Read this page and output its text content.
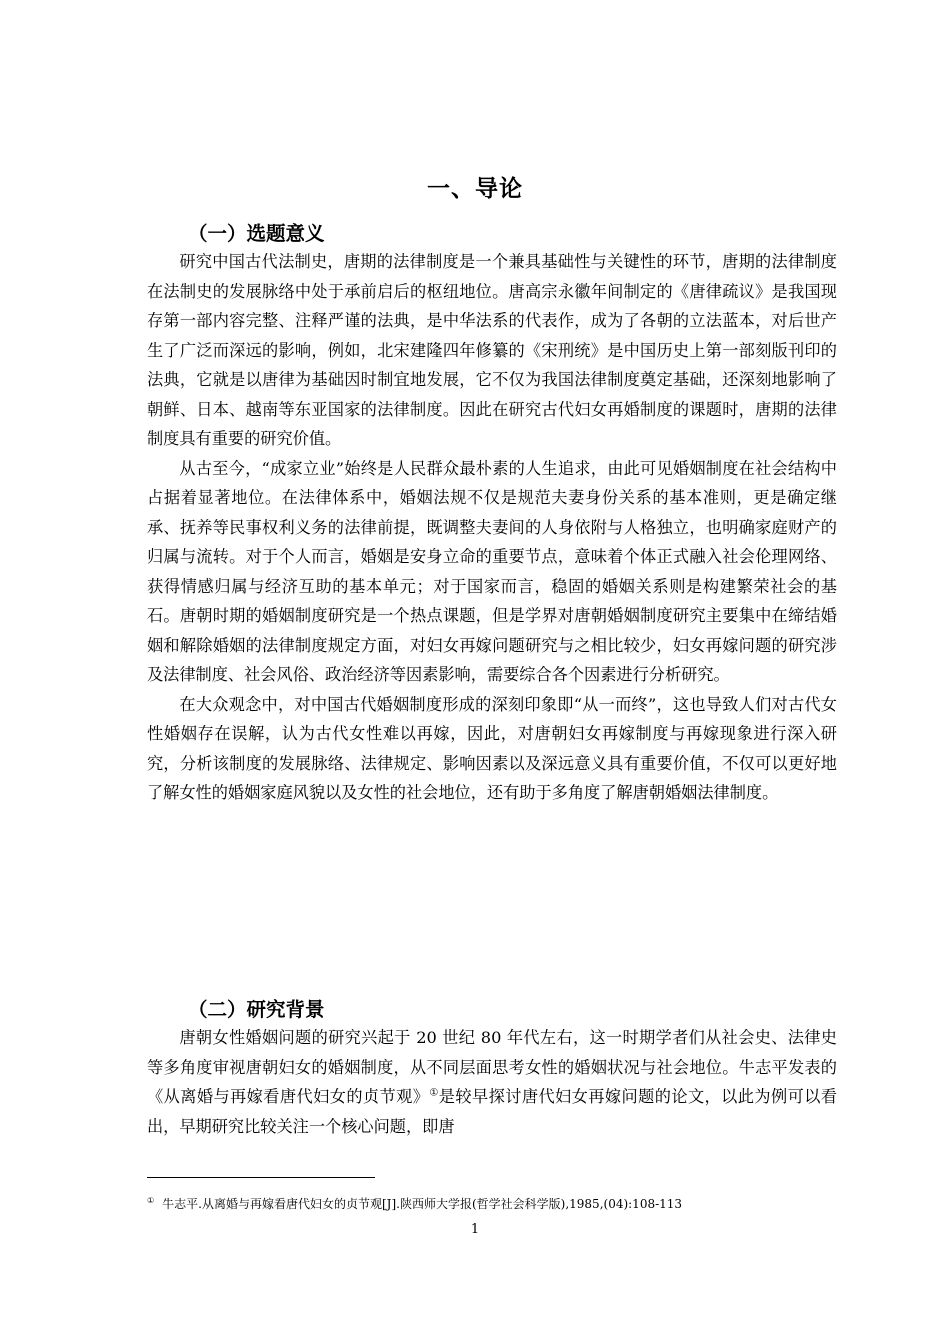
一、导论
（一）选题意义

研究中国古代法制史，唐期的法律制度是一个兼具基础性与关键性的环节，唐期的法律制度在法制史的发展脉络中处于承前启后的枢纽地位。唐高宗永徽年间制定的《唐律疏议》是我国现存第一部内容完整、注释严谨的法典，是中华法系的代表作，成为了各朝的立法蓝本，对后世产生了广泛而深远的影响，例如，北宋建隆四年修纂的《宋刑统》是中国历史上第一部刻版刊印的法典，它就是以唐律为基础因时制宜地发展，它不仅为我国法律制度奠定基础，还深刻地影响了朝鲜、日本、越南等东亚国家的法律制度。因此在研究古代妇女再婚制度的课题时，唐期的法律制度具有重要的研究价值。

从古至今，“成家立业”始终是人民群众最朴素的人生追求，由此可见婚姻制度在社会结构中占据着显著地位。在法律体系中，婚姻法规不仅是规范夫妻身份关系的基本准则，更是确定继承、抚养等民事权利义务的法律前提，既调整夫妻间的人身依附与人格独立，也明确家庭财产的归属与流转。对于个人而言，婚姻是安身立命的重要节点，意味着个体正式融入社会伦理网络、获得情感归属与经济互助的基本单元；对于国家而言，稳固的婚姻关系则是构建繁荣社会的基石。唐朝时期的婚姻制度研究是一个热点课题，但是学界对唐朝婚姻制度研究主要集中在缔结婚姻和解除婚姻的法律制度规定方面，对妇女再嫁问题研究与之相比较少，妇女再嫁问题的研究涉及法律制度、社会风俗、政治经济等因素影响，需要综合各个因素进行分析研究。

在大众观念中，对中国古代婚姻制度形成的深刻印象即“从一而终”，这也导致人们对古代女性婚姻存在误解，认为古代女性难以再嫁，因此，对唐朝妇女再嫁制度与再嫁现象进行深入研究，分析该制度的发展脉络、法律规定、影响因素以及深远意义具有重要价值，不仅可以更好地了解女性的婚姻家庭风貌以及女性的社会地位，还有助于多角度了解唐朝婚姻法律制度。

（二）研究背景

唐朝女性婚姻问题的研究兴起于 20 世纪 80 年代左右，这一时期学者们从社会史、法律史等多角度审视唐朝妇女的婚姻制度，从不同层面思考女性的婚姻状况与社会地位。牛志平发表的《从离婚与再嫁看唐代妇女的贞节观》①是较早探讨唐代妇女再嫁问题的论文，以此为例可以看出，早期研究比较关注一个核心问题，即唐

① 牛志平.从离婚与再嫁看唐代妇女的贞节观[J].陕西师大学报(哲学社会科学版),1985,(04):108-113
1
